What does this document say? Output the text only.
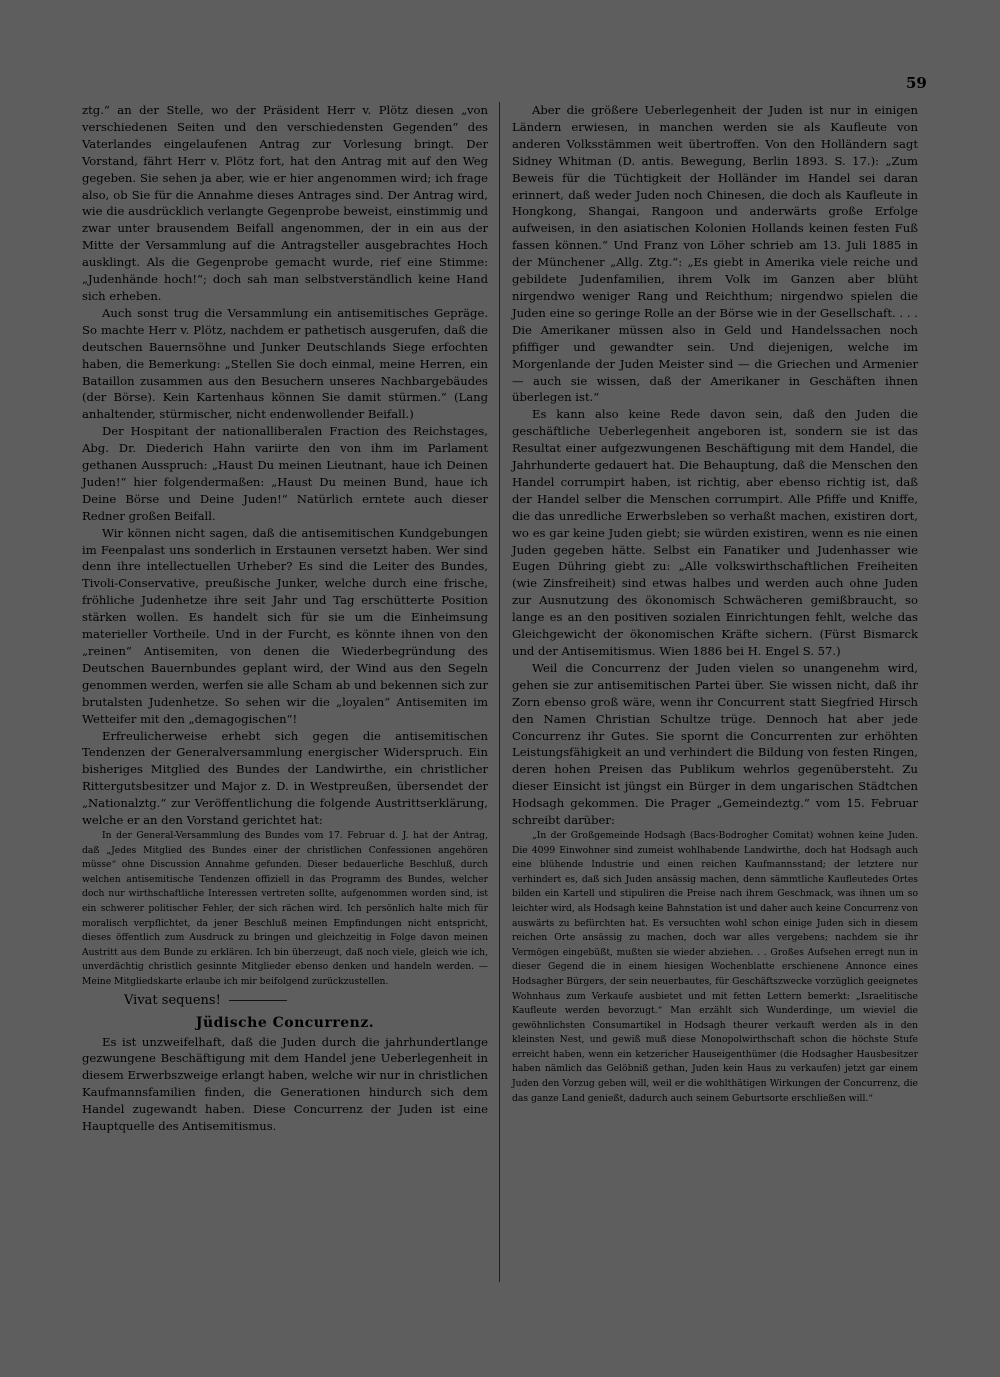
59

ztg.“ an der Stelle, wo der Präsident Herr v. Plötz diesen „von verschiedenen Seiten und den verschiedensten Gegenden“ des Vaterlandes eingelaufenen Antrag zur Vorlesung bringt. Der Vorstand, fährt Herr v. Plötz fort, hat den Antrag mit auf den Weg gegeben. Sie sehen ja aber, wie er hier angenommen wird; ich frage also, ob Sie für die Annahme dieses Antrages sind. Der Antrag wird, wie die ausdrücklich verlangte Gegenprobe beweist, einstimmig und zwar unter brausendem Beifall angenommen, der in ein aus der Mitte der Versammlung auf die Antragsteller ausgebrachtes Hoch ausklingt. Als die Gegenprobe gemacht wurde, rief eine Stimme: „Judenhände hoch!“; doch sah man selbstverständlich keine Hand sich erheben.

Auch sonst trug die Versammlung ein antisemitisches Gepräge. So machte Herr v. Plötz, nachdem er pathetisch ausgerufen, daß die deutschen Bauernsöhne und Junker Deutschlands Siege erfochten haben, die Bemerkung: „Stellen Sie doch einmal, meine Herren, ein Bataillon zusammen aus den Besuchern unseres Nachbargebäudes (der Börse). Kein Kartenhaus können Sie damit stürmen.“ (Lang anhaltender, stürmischer, nicht endenwollender Beifall.)

Der Hospitant der nationalliberalen Fraction des Reichstages, Abg. Dr. Diederich Hahn variirte den von ihm im Parlament gethanen Ausspruch: „Haust Du meinen Lieutnant, haue ich Deinen Juden!“ hier folgendermaßen: „Haust Du meinen Bund, haue ich Deine Börse und Deine Juden!“ Natürlich erntete auch dieser Redner großen Beifall.

Wir können nicht sagen, daß die antisemitischen Kundgebungen im Feenpalast uns sonderlich in Erstaunen versetzt haben. Wer sind denn ihre intellectuellen Urheber? Es sind die Leiter des Bundes, Tivoli-Conservative, preußische Junker, welche durch eine frische, fröhliche Judenhetze ihre seit Jahr und Tag erschütterte Position stärken wollen. Es handelt sich für sie um die Einheimsung materieller Vortheile. Und in der Furcht, es könnte ihnen von den „reinen“ Antisemiten, von denen die Wiederbegründung des Deutschen Bauernbundes geplant wird, der Wind aus den Segeln genommen werden, werfen sie alle Scham ab und bekennen sich zur brutalsten Judenhetze. So sehen wir die „loyalen“ Antisemiten im Wetteifer mit den „demagogischen“!

Erfreulicherweise erhebt sich gegen die antisemitischen Tendenzen der Generalversammlung energischer Widerspruch. Ein bisheriges Mitglied des Bundes der Landwirthe, ein christlicher Rittergutsbesitzer und Major z. D. in Westpreußen, übersendet der „Nationalztg.“ zur Veröffentlichung die folgende Austrittserklärung, welche er an den Vorstand gerichtet hat:

In der General-Versammlung des Bundes vom 17. Februar d. J. hat der Antrag, daß „Jedes Mitglied des Bundes einer der christlichen Confessionen angehören müsse“ ohne Discussion Annahme gefunden. Dieser bedauerliche Beschluß, durch welchen antisemitische Tendenzen offiziell in das Programm des Bundes, welcher doch nur wirthschaftliche Interessen vertreten sollte, aufgenommen worden sind, ist ein schwerer politischer Fehler, der sich rächen wird. Ich persönlich halte mich für moralisch verpflichtet, da jener Beschluß meinen Empfindungen nicht entspricht, dieses öffentlich zum Ausdruck zu bringen und gleichzeitig in Folge davon meinen Austritt aus dem Bunde zu erklären. Ich bin überzeugt, daß noch viele, gleich wie ich, unverdächtig christlich gesinnte Mitglieder ebenso denken und handeln werden. — Meine Mitgliedskarte erlaube ich mir beifolgend zurückzustellen.

Vivat sequens!
Jüdische Concurrenz.

Es ist unzweifelhaft, daß die Juden durch die jahrhundertlange gezwungene Beschäftigung mit dem Handel jene Ueberlegenheit in diesem Erwerbszweige erlangt haben, welche wir nur in christlichen Kaufmannsfamilien finden, die Generationen hindurch sich dem Handel zugewandt haben. Diese Concurrenz der Juden ist eine Hauptquelle des Antisemitismus.

Aber die größere Ueberlegenheit der Juden ist nur in einigen Ländern erwiesen, in manchen werden sie als Kaufleute von anderen Volksstämmen weit übertroffen. Von den Holländern sagt Sidney Whitman (D. antis. Bewegung, Berlin 1893. S. 17.): „Zum Beweis für die Tüchtigkeit der Holländer im Handel sei daran erinnert, daß weder Juden noch Chinesen, die doch als Kaufleute in Hongkong, Shangai, Rangoon und anderwärts große Erfolge aufweisen, in den asiatischen Kolonien Hollands keinen festen Fuß fassen können.“ Und Franz von Löher schrieb am 13. Juli 1885 in der Münchener „Allg. Ztg.“: „Es giebt in Amerika viele reiche und gebildete Judenfamilien, ihrem Volk im Ganzen aber blüht nirgendwo weniger Rang und Reichthum; nirgendwo spielen die Juden eine so geringe Rolle an der Börse wie in der Gesellschaft. . . . Die Amerikaner müssen also in Geld und Handelssachen noch pfiffiger und gewandter sein. Und diejenigen, welche im Morgenlande der Juden Meister sind — die Griechen und Armenier — auch sie wissen, daß der Amerikaner in Geschäften ihnen überlegen ist.“

Es kann also keine Rede davon sein, daß den Juden die geschäftliche Ueberlegenheit angeboren ist, sondern sie ist das Resultat einer aufgezwungenen Beschäftigung mit dem Handel, die Jahrhunderte gedauert hat. Die Behauptung, daß die Menschen den Handel corrumpirt haben, ist richtig, aber ebenso richtig ist, daß der Handel selber die Menschen corrumpirt. Alle Pfiffe und Kniffe, die das unredliche Erwerbsleben so verhaßt machen, existiren dort, wo es gar keine Juden giebt; sie würden existiren, wenn es nie einen Juden gegeben hätte. Selbst ein Fanatiker und Judenhasser wie Eugen Dühring giebt zu: „Alle volkswirthschaftlichen Freiheiten (wie Zinsfreiheit) sind etwas halbes und werden auch ohne Juden zur Ausnutzung des ökonomisch Schwächeren gemißbraucht, so lange es an den positiven sozialen Einrichtungen fehlt, welche das Gleichgewicht der ökonomischen Kräfte sichern. (Fürst Bismarck und der Antisemitismus. Wien 1886 bei H. Engel S. 57.)

Weil die Concurrenz der Juden vielen so unangenehm wird, gehen sie zur antisemitischen Partei über. Sie wissen nicht, daß ihr Zorn ebenso groß wäre, wenn ihr Concurrent statt Siegfried Hirsch den Namen Christian Schultze trüge. Dennoch hat aber jede Concurrenz ihr Gutes. Sie spornt die Concurrenten zur erhöhten Leistungsfähigkeit an und verhindert die Bildung von festen Ringen, deren hohen Preisen das Publikum wehrlos gegenübersteht. Zu dieser Einsicht ist jüngst ein Bürger in dem ungarischen Städtchen Hodsagh gekommen. Die Prager „Gemeindeztg.“ vom 15. Februar schreibt darüber:

„In der Großgemeinde Hodsagh (Bacs-Bodrogher Comitat) wohnen keine Juden. Die 4099 Einwohner sind zumeist wohlhabende Landwirthe, doch hat Hodsagh auch eine blühende Industrie und einen reichen Kaufmannsstand; der letztere nur verhindert es, daß sich Juden ansässig machen, denn sämmtliche Kaufleutedes Ortes bilden ein Kartell und stipuliren die Preise nach ihrem Geschmack, was ihnen um so leichter wird, als Hodsagh keine Bahnstation ist und daher auch keine Concurrenz von auswärts zu befürchten hat. Es versuchten wohl schon einige Juden sich in diesem reichen Orte ansässig zu machen, doch war alles vergebens; nachdem sie ihr Vermögen eingebüßt, mußten sie wieder abziehen. . . Großes Aufsehen erregt nun in dieser Gegend die in einem hiesigen Wochenblatte erschienene Annonce eines Hodsagher Bürgers, der sein neuerbautes, für Geschäftszwecke vorzüglich geeignetes Wohnhaus zum Verkaufe ausbietet und mit fetten Lettern bemerkt: „Israelitische Kaufleute werden bevorzugt.“ Man erzählt sich Wunderdinge, um wieviel die gewöhnlichsten Consumartikel in Hodsagh theurer verkauft werden als in den kleinsten Nest, und gewiß muß diese Monopolwirthschaft schon die höchste Stufe erreicht haben, wenn ein ketzericher Hauseigenthümer (die Hodsagher Hausbesitzer haben nämlich das Gelöbniß gethan, Juden kein Haus zu verkaufen) jetzt gar einem Juden den Vorzug geben will, weil er die wohlthätigen Wirkungen der Concurrenz, die das ganze Land genießt, dadurch auch seinem Geburtsorte erschließen will.“
